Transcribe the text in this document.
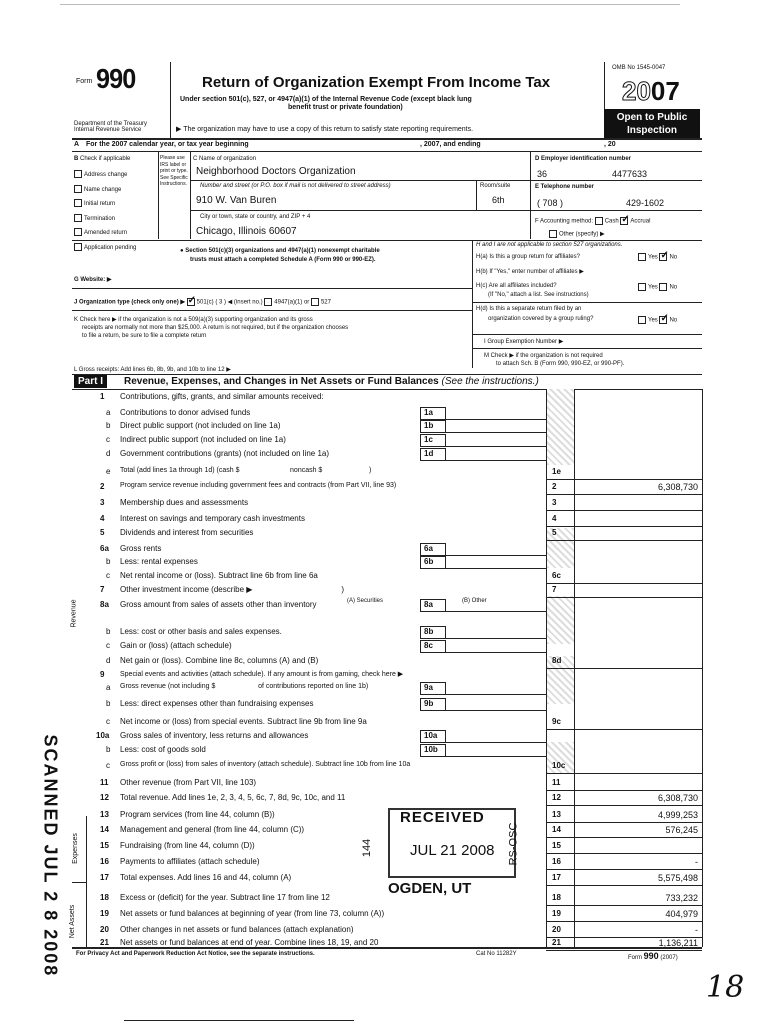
Form 990
Department of the Treasury
Internal Revenue Service
Return of Organization Exempt From Income Tax
Under section 501(c), 527, or 4947(a)(1) of the Internal Revenue Code (except black lung
benefit trust or private foundation)
▶ The organization may have to use a copy of this return to satisfy state reporting requirements.
OMB No 1545-0047
2007
Open to Public
Inspection
A For the 2007 calendar year, or tax year beginning	, 2007, and ending	, 20
B Check if applicable
Address change
Name change
Initial return
Termination
Amended return
Application pending
Please use IRS label or print or type. See Specific Instructions.
C Name of organization
Neighborhood Doctors Organization
Number and street (or P.O. box if mail is not delivered to street address)	Room/suite
910 W. Van Buren	6th
City or town, state or country, and ZIP + 4
Chicago, Illinois 60607
D Employer identification number
36	4477633
E Telephone number
( 708 )	429-1602
F Accounting method: Cash ✓ Accrual
Other (specify) ▶
● Section 501(c)(3) organizations and 4947(a)(1) nonexempt charitable
trusts must attach a completed Schedule A (Form 990 or 990-EZ).
H and I are not applicable to section 527 organizations.
H(a) Is this a group return for affiliates?	Yes ✓ No
H(b) If "Yes," enter number of affiliates ▶
H(c) Are all affiliates included?	Yes No
(If "No," attach a list. See instructions)
H(d) Is this a separate return filed by an
organization covered by a group ruling?	Yes ✓ No
I Group Exemption Number ▶
M Check ▶ if the organization is not required
to attach Sch. B (Form 990, 990-EZ, or 990-PF).
G Website: ▶
J Organization type (check only one) ▶ ✓ 501(c) ( 3 ) ◀ (insert no.) 4947(a)(1) or 527
K Check here ▶ if the organization is not a 509(a)(3) supporting organization and its gross
receipts are normally not more than $25,000. A return is not required, but if the organization chooses
to file a return, be sure to file a complete return
L Gross receipts: Add lines 6b, 8b, 9b, and 10b to line 12 ▶
Part I	Revenue, Expenses, and Changes in Net Assets or Fund Balances (See the instructions.)
Revenue
Expenses
Net Assets
(A) Securities	(B) Other
1 Contributions, gifts, grants, and similar amounts received:
a Contributions to donor advised funds	1a
b Direct public support (not included on line 1a)	1b
c Indirect public support (not included on line 1a)	1c
d Government contributions (grants) (not included on line 1a)	1d
e Total (add lines 1a through 1d) (cash $                          noncash $                        )	1e
2 Program service revenue including government fees and contracts (from Part VII, line 93)	2	6,308,730
3 Membership dues and assessments	3
4 Interest on savings and temporary cash investments	4
5 Dividends and interest from securities	5
6a Gross rents	6a
b Less: rental expenses	6b
c Net rental income or (loss). Subtract line 6b from line 6a	6c
7 Other investment income (describe ▶                                        )	7
8a Gross amount from sales of assets other than inventory	8a
b Less: cost or other basis and sales expenses.	8b
c Gain or (loss) (attach schedule)	8c
d Net gain or (loss). Combine line 8c, columns (A) and (B)	8d
9 Special events and activities (attach schedule). If any amount is from gaming, check here ▶
a Gross revenue (not including $                      of contributions reported on line 1b)	9a
b Less: direct expenses other than fundraising expenses	9b
c Net income or (loss) from special events. Subtract line 9b from line 9a	9c
10a Gross sales of inventory, less returns and allowances	10a
b Less: cost of goods sold	10b
c Gross profit or (loss) from sales of inventory (attach schedule). Subtract line 10b from line 10a	10c
11 Other revenue (from Part VII, line 103)	11
12 Total revenue. Add lines 1e, 2, 3, 4, 5, 6c, 7, 8d, 9c, 10c, and 11	12	6,308,730
13 Program services (from line 44, column (B))	13	4,999,253
14 Management and general (from line 44, column (C))	14	576,245
15 Fundraising (from line 44, column (D))	15
16 Payments to affiliates (attach schedule)	16	-
17 Total expenses. Add lines 16 and 44, column (A)	17	5,575,498
18 Excess or (deficit) for the year. Subtract line 17 from line 12	18	733,232
19 Net assets or fund balances at beginning of year (from line 73, column (A))	19	404,979
20 Other changes in net assets or fund balances (attach explanation)	20	-
21 Net assets or fund balances at end of year. Combine lines 18, 19, and 20	21	1,136,211
RECEIVED
JUL 21 2008
OGDEN, UT
RS-OSC
144
SCANNED JUL 2 8 2008	For Privacy Act and Paperwork Reduction Act Notice, see the separate instructions.	Cat No 11282Y
Form 990 (2007)
18
